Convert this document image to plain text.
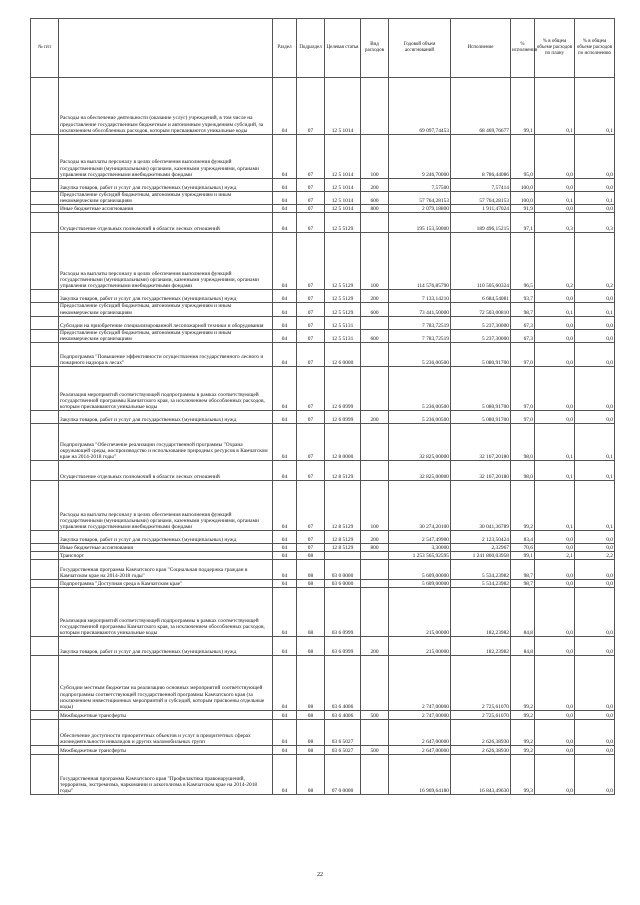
№ п/п		Раздел	Подраздел	Целевая статья	Вид расходов	Годовой объем ассигнований	Исполнение	% исполнения	% в общем объеме расходов по плану	% в общем объеме расходов по исполнению
	Расходы на обеспечение деятельности (оказание услуг) учреждений, в том числе на предоставление государственным бюджетным и автономным учреждениям субсидий, за исключением обособленных расходов, которым присваиваются уникальные коды	04	07	12 5 1014		69 097,74453	68 469,76677	99,1	0,1	0,1
	Расходы на выплаты персоналу в целях обеспечения выполнения функций государственными (муниципальными) органами, казенными учреждениями, органами управления государственными внебюджетными фондами	04	07	12 5 1014	100	9 246,70000	8 786,44086	95,0	0,0	0,0
	Закупка товаров, работ и услуг для государственных (муниципальных) нужд	04	07	12 5 1014	200	7,57500	7,57414	100,0	0,0	0,0
	Предоставление субсидий бюджетным, автономным учреждениям и иным некоммерческим организациям	04	07	12 5 1014	600	57 764,28153	57 764,28153	100,0	0,1	0,1
	Иные бюджетные ассигнования	04	07	12 5 1014	800	2 079,18800	1 911,47024	91,9	0,0	0,0
	Осуществление отдельных полномочий в области лесных отношений	04	07	12 5 5129		195 153,50000	189 496,15215	97,1	0,3	0,3
	Расходы на выплаты персоналу в целях обеспечения выполнения функций государственными (муниципальными) органами, казенными учреждениями, органами управления государственными внебюджетными фондами	04	07	12 5 5129	100	114 576,85790	110 505,60324	96,5	0,2	0,2
	Закупка товаров, работ и услуг для государственных (муниципальных) нужд	04	07	12 5 5129	200	7 133,14210	6 684,54081	93,7	0,0	0,0
	Предоставление субсидий бюджетным, автономным учреждениям и иным некоммерческим организациям	04	07	12 5 5129	600	73 441,50000	72 503,00810	98,7	0,1	0,1
	Субсидии на приобретение специализированной лесопожарной техники и оборудования	04	07	12 5 5131		7 783,72519	5 237,30000	67,3	0,0	0,0
	Предоставление субсидий бюджетным, автономным учреждениям и иным некоммерческим организациям	04	07	12 5 5131	600	7 783,72519	5 237,30000	67,3	0,0	0,0
	Подпрограмма "Повышение эффективности осуществления государственного лесного и пожарного надзора в лесах"	04	07	12 6 0000		5 236,00500	5 080,91700	97,0	0,0	0,0
	Реализация мероприятий соответствующей подпрограммы в рамках соответствующей государственной программы Камчатского края, за исключением обособленных расходов, которым присваиваются уникальные коды	04	07	12 6 0999		5 236,00500	5 080,91700	97,0	0,0	0,0
	Закупка товаров, работ и услуг для государственных (муниципальных) нужд	04	07	12 6 0999	200	5 236,00500	5 080,91700	97,0	0,0	0,0
	Подпрограмма "Обеспечение реализации государственной программы "Охрана окружающей среды, воспроизводство и использование природных ресурсов в Камчатском крае на 2014-2018 годы"	04	07	12 8 0000		32 825,00000	32 167,20180	98,0	0,1	0,1
	Осуществление отдельных полномочий в области лесных отношений	04	07	12 8 5129		32 825,00000	32 167,20180	98,0	0,1	0,1
	Расходы на выплаты персоналу в целях обеспечения выполнения функций государственными (муниципальными) органами, казенными учреждениями, органами управления государственными внебюджетными фондами	04	07	12 8 5129	100	30 274,20100	30 041,36789	99,2	0,1	0,1
	Закупка товаров, работ и услуг для государственных (муниципальных) нужд	04	07	12 8 5129	200	2 547,49900	2 123,50424	83,4	0,0	0,0
	Иные бюджетные ассигнования	04	07	12 8 5129	800	3,30000	2,32967	70,6	0,0	0,0
	Транспорт	04	08			1 253 565,92595	1 241 860,03958	99,1	2,1	2,2
	Государственная программа Камчатского края "Социальная поддержка граждан в Камчатском крае на 2014-2018 годы"	04	08	03 0 0000		5 609,00000	5 534,23982	98,7	0,0	0,0
	Подпрограмма "Доступная среда в Камчатском крае"	04	08	03 6 0000		5 609,00000	5 534,23982	98,7	0,0	0,0
	Реализация мероприятий соответствующей подпрограммы в рамках соответствующей государственной программы Камчатского края, за исключением обособленных расходов, которым присваиваются уникальные коды	04	08	03 6 0999		215,00000	182,23982	84,8	0,0	0,0
	Закупка товаров, работ и услуг для государственных (муниципальных) нужд	04	08	03 6 0999	200	215,00000	182,23982	84,8	0,0	0,0
	Субсидии местным бюджетам на реализацию основных мероприятий соответствующей подпрограммы соответствующей государственной программы Камчатского края (за исключением инвестиционных мероприятий и субсидий, которым присвоены отдельные коды)	04	08	03 6 4006		2 747,00000	2 725,61070	99,2	0,0	0,0
	Межбюджетные трансферты	04	08	03 6 4006	500	2 747,00000	2 725,61070	99,2	0,0	0,0
	Обеспечение доступности приоритетных объектов и услуг в приоритетных сферах жизнедеятельности инвалидов и других маломобильных групп	04	08	03 6 5027		2 647,00000	2 626,38930	99,2	0,0	0,0
	Межбюджетные трансферты	04	08	03 6 5027	500	2 647,00000	2 626,38930	99,2	0,0	0,0
	Государственная программа Камчатского края "Профилактика правонарушений, терроризма, экстремизма, наркомании и алкоголизма в Камчатском крае на 2014-2018 годы"	04	08	07 0 0000		16 969,64180	16 843,49630	99,3	0,0	0,0
22
